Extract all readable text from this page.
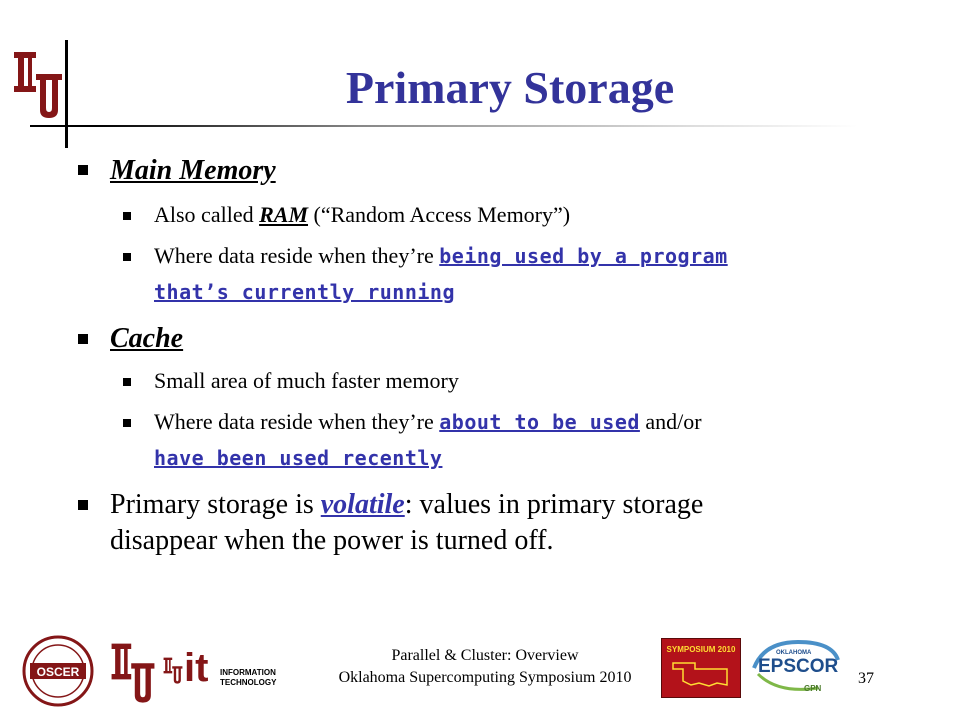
Primary Storage
Main Memory
Also called RAM (“Random Access Memory”)
Where data reside when they’re being used by a program
that’s currently running
Cache
Small area of much faster memory
Where data reside when they’re about to be used and/or
have been used recently
Primary storage is volatile: values in primary storage
disappear when the power is turned off.
OSCER	it INFORMATION
TECHNOLOGY
Parallel & Cluster: Overview
Oklahoma Supercomputing Symposium 2010
SYMPOSIUM 2010	OKLAHOMA
EPSCOR
GPN
37
